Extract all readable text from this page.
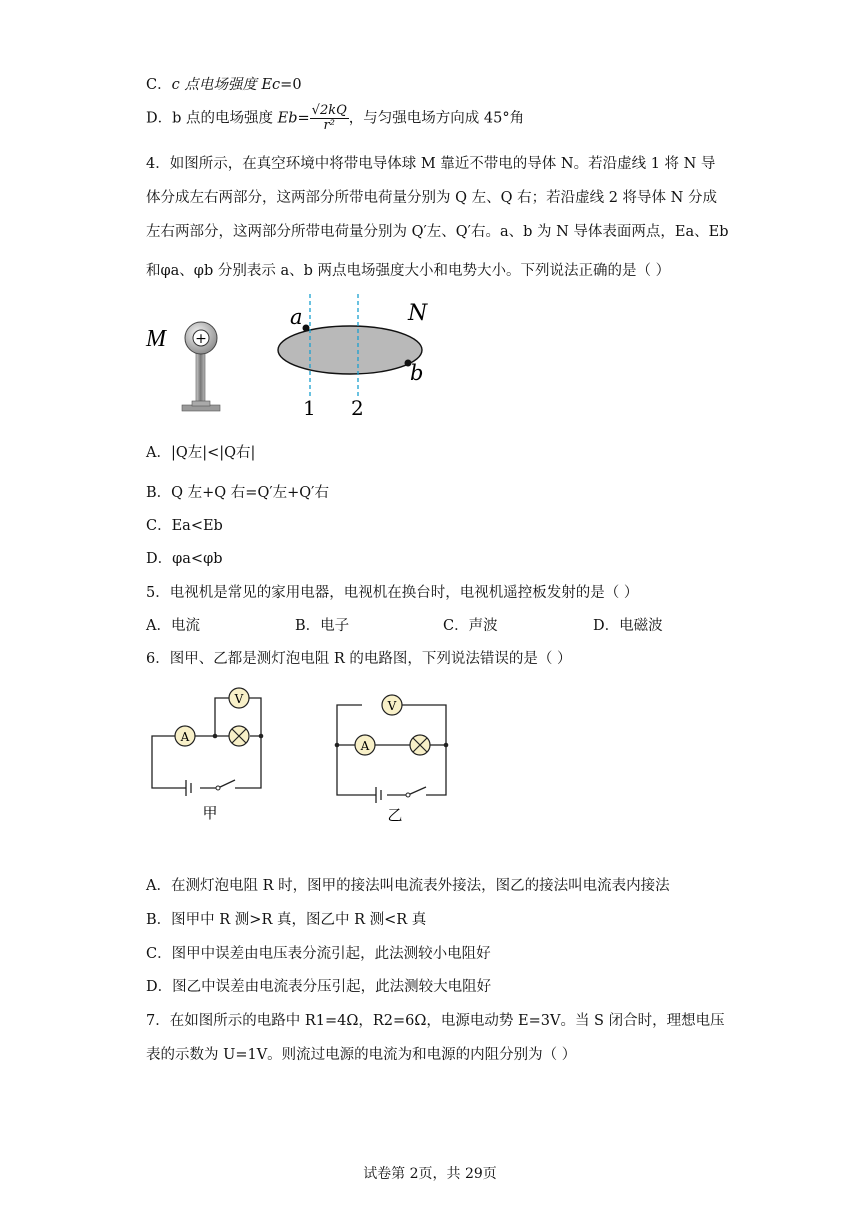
C．c 点电场强度 Ec=0
D．b 点的电场强度 $Eb= \frac{√2kQ}{\text{r²}}$ ，与匀强电场方向成 45°角
4．如图所示，在真空环境中将带电导体球 M 靠近不带电的导体 N。若沿虚线 1 将 N 导
体分成左右两部分，这两部分所带电荷量分别为 Q 左、Q 右；若沿虚线 2 将导体 N 分成
左右两部分，这两部分所带电荷量分别为 Q′左、Q′右。a、b 为 N 导体表面两点，Ea、Eb
和φa、φb 分别表示 a、b 两点电场强度大小和电势大小。下列说法正确的是（ ）
M +
a	N
b
1 2
A．|Q左|<|Q右|
B．Q 左+Q 右=Q′左+Q′右
C．Ea<Eb
D．φa<φb
5．电视机是常见的家用电器，电视机在换台时，电视机遥控板发射的是（ ）
A．电流	B．电子	C．声波	D．电磁波
6．图甲、乙都是测灯泡电阻 R 的电路图，下列说法错误的是（ ）
A
V
甲
V
A
乙
A．在测灯泡电阻 R 时，图甲的接法叫电流表外接法，图乙的接法叫电流表内接法
B．图甲中 R 测>R 真，图乙中 R 测<R 真
C．图甲中误差由电压表分流引起，此法测较小电阻好
D．图乙中误差由电流表分压引起，此法测较大电阻好
7．在如图所示的电路中 R1=4Ω，R2=6Ω，电源电动势 E=3V。当 S 闭合时，理想电压
表的示数为 U=1V。则流过电源的电流为和电源的内阻分别为（ ）
试卷第 2页，共 29页
